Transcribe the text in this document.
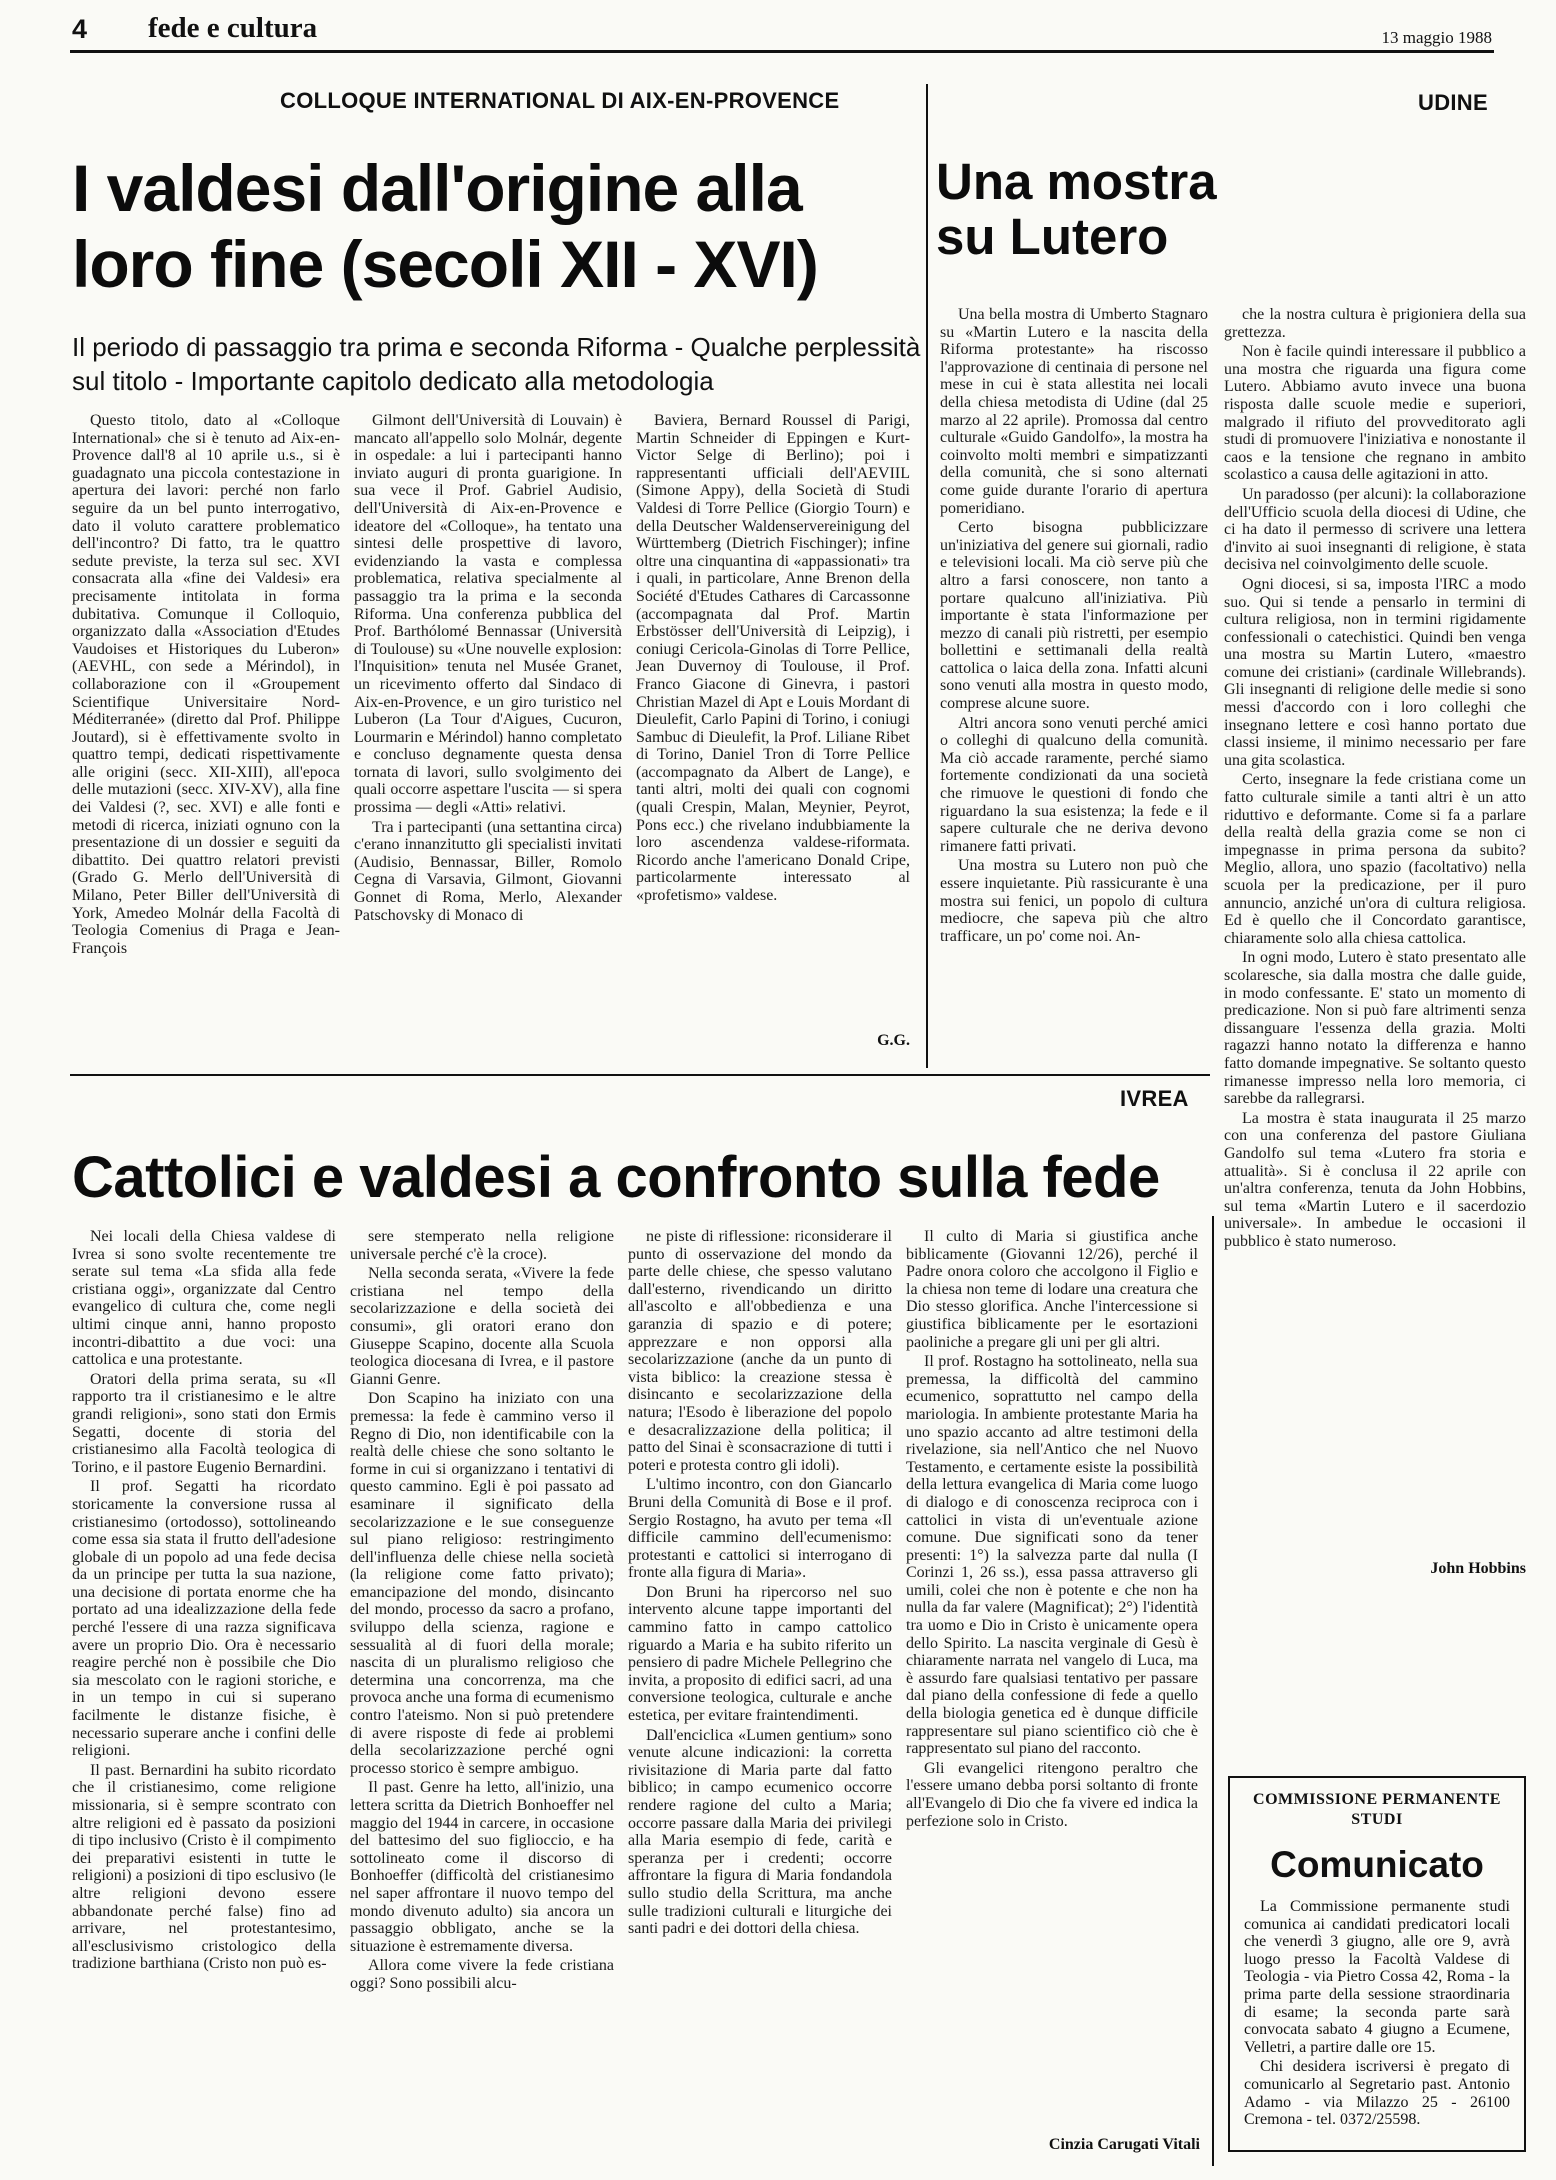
4 fede e cultura	13 maggio 1988
COLLOQUE INTERNATIONAL DI AIX-EN-PROVENCE	UDINE
I valdesi dall'origine alla loro fine (secoli XII - XVI)
Il periodo di passaggio tra prima e seconda Riforma - Qualche perplessità sul titolo - Importante capitolo dedicato alla metodologia

Questo titolo, dato al «Colloque International» che si è tenuto ad Aix-en-Provence dall'8 al 10 aprile u.s., si è guadagnato una piccola contestazione in apertura dei lavori: perché non farlo seguire da un bel punto interrogativo, dato il voluto carattere problematico dell'incontro? Di fatto, tra le quattro sedute previste, la terza sul sec. XVI consacrata alla «fine dei Valdesi» era precisamente intitolata in forma dubitativa. Comunque il Colloquio, organizzato dalla «Association d'Etudes Vaudoises et Historiques du Luberon» (AEVHL, con sede a Mérindol), in collaborazione con il «Groupement Scientifique Universitaire Nord-Méditerranée» (diretto dal Prof. Philippe Joutard), si è effettivamente svolto in quattro tempi, dedicati rispettivamente alle origini (secc. XII-XIII), all'epoca delle mutazioni (secc. XIV-XV), alla fine dei Valdesi (?, sec. XVI) e alle fonti e metodi di ricerca, iniziati ognuno con la presentazione di un dossier e seguiti da dibattito. Dei quattro relatori previsti (Grado G. Merlo dell'Università di Milano, Peter Biller dell'Università di York, Amedeo Molnár della Facoltà di Teologia Comenius di Praga e Jean-François

Gilmont dell'Università di Louvain) è mancato all'appello solo Molnár, degente in ospedale: a lui i partecipanti hanno inviato auguri di pronta guarigione. In sua vece il Prof. Gabriel Audisio, dell'Università di Aix-en-Provence e ideatore del «Colloque», ha tentato una sintesi delle prospettive di lavoro, evidenziando la vasta e complessa problematica, relativa specialmente al passaggio tra la prima e la seconda Riforma. Una conferenza pubblica del Prof. Barthólomé Bennassar (Università di Toulouse) su «Une nouvelle explosion: l'Inquisition» tenuta nel Musée Granet, un ricevimento offerto dal Sindaco di Aix-en-Provence, e un giro turistico nel Luberon (La Tour d'Aigues, Cucuron, Lourmarin e Mérindol) hanno completato e concluso degnamente questa densa tornata di lavori, sullo svolgimento dei quali occorre aspettare l'uscita — si spera prossima — degli «Atti» relativi.

Tra i partecipanti (una settantina circa) c'erano innanzitutto gli specialisti invitati (Audisio, Bennassar, Biller, Romolo Cegna di Varsavia, Gilmont, Giovanni Gonnet di Roma, Merlo, Alexander Patschovsky di Monaco di

Baviera, Bernard Roussel di Parigi, Martin Schneider di Eppingen e Kurt-Victor Selge di Berlino); poi i rappresentanti ufficiali dell'AEVIIL (Simone Appy), della Società di Studi Valdesi di Torre Pellice (Giorgio Tourn) e della Deutscher Waldenservereinigung del Württemberg (Dietrich Fischinger); infine oltre una cinquantina di «appassionati» tra i quali, in particolare, Anne Brenon della Société d'Etudes Cathares di Carcassonne (accompagnata dal Prof. Martin Erbstösser dell'Università di Leipzig), i coniugi Cericola-Ginolas di Torre Pellice, Jean Duvernoy di Toulouse, il Prof. Franco Giacone di Ginevra, i pastori Christian Mazel di Apt e Louis Mordant di Dieulefit, Carlo Papini di Torino, i coniugi Sambuc di Dieulefit, la Prof. Liliane Ribet di Torino, Daniel Tron di Torre Pellice (accompagnato da Albert de Lange), e tanti altri, molti dei quali con cognomi (quali Crespin, Malan, Meynier, Peyrot, Pons ecc.) che rivelano indubbiamente la loro ascendenza valdese-riformata. Ricordo anche l'americano Donald Cripe, particolarmente interessato al «profetismo» valdese.

G.G.
Una mostra su Lutero

Una bella mostra di Umberto Stagnaro su «Martin Lutero e la nascita della Riforma protestante» ha riscosso l'approvazione di centinaia di persone nel mese in cui è stata allestita nei locali della chiesa metodista di Udine (dal 25 marzo al 22 aprile). Promossa dal centro culturale «Guido Gandolfo», la mostra ha coinvolto molti membri e simpatizzanti della comunità, che si sono alternati come guide durante l'orario di apertura pomeridiano.

Certo bisogna pubblicizzare un'iniziativa del genere sui giornali, radio e televisioni locali. Ma ciò serve più che altro a farsi conoscere, non tanto a portare qualcuno all'iniziativa. Più importante è stata l'informazione per mezzo di canali più ristretti, per esempio bollettini e settimanali della realtà cattolica o laica della zona. Infatti alcuni sono venuti alla mostra in questo modo, comprese alcune suore.

Altri ancora sono venuti perché amici o colleghi di qualcuno della comunità. Ma ciò accade raramente, perché siamo fortemente condizionati da una società che rimuove le questioni di fondo che riguardano la sua esistenza; la fede e il sapere culturale che ne deriva devono rimanere fatti privati.

Una mostra su Lutero non può che essere inquietante. Più rassicurante è una mostra sui fenici, un popolo di cultura mediocre, che sapeva più che altro trafficare, un po' come noi. An-

che la nostra cultura è prigioniera della sua grettezza.

Non è facile quindi interessare il pubblico a una mostra che riguarda una figura come Lutero. Abbiamo avuto invece una buona risposta dalle scuole medie e superiori, malgrado il rifiuto del provveditorato agli studi di promuovere l'iniziativa e nonostante il caos e la tensione che regnano in ambito scolastico a causa delle agitazioni in atto.

Un paradosso (per alcuni): la collaborazione dell'Ufficio scuola della diocesi di Udine, che ci ha dato il permesso di scrivere una lettera d'invito ai suoi insegnanti di religione, è stata decisiva nel coinvolgimento delle scuole.

Ogni diocesi, si sa, imposta l'IRC a modo suo. Qui si tende a pensarlo in termini di cultura religiosa, non in termini rigidamente confessionali o catechistici. Quindi ben venga una mostra su Martin Lutero, «maestro comune dei cristiani» (cardinale Willebrands). Gli insegnanti di religione delle medie si sono messi d'accordo con i loro colleghi che insegnano lettere e così hanno portato due classi insieme, il minimo necessario per fare una gita scolastica.

Certo, insegnare la fede cristiana come un fatto culturale simile a tanti altri è un atto riduttivo e deformante. Come si fa a parlare della realtà della grazia come se non ci impegnasse in prima persona da subito? Meglio, allora, uno spazio (facoltativo) nella scuola per la predicazione, per il puro annuncio, anziché un'ora di cultura religiosa. Ed è quello che il Concordato garantisce, chiaramente solo alla chiesa cattolica.

In ogni modo, Lutero è stato presentato alle scolaresche, sia dalla mostra che dalle guide, in modo confessante. E' stato un momento di predicazione. Non si può fare altrimenti senza dissanguare l'essenza della grazia. Molti ragazzi hanno notato la differenza e hanno fatto domande impegnative. Se soltanto questo rimanesse impresso nella loro memoria, ci sarebbe da rallegrarsi.

La mostra è stata inaugurata il 25 marzo con una conferenza del pastore Giuliana Gandolfo sul tema «Lutero fra storia e attualità». Si è conclusa il 22 aprile con un'altra conferenza, tenuta da John Hobbins, sul tema «Martin Lutero e il sacerdozio universale». In ambedue le occasioni il pubblico è stato numeroso.

John Hobbins
IVREA
Cattolici e valdesi a confronto sulla fede

Nei locali della Chiesa valdese di Ivrea si sono svolte recentemente tre serate sul tema «La sfida alla fede cristiana oggi», organizzate dal Centro evangelico di cultura che, come negli ultimi cinque anni, hanno proposto incontri-dibattito a due voci: una cattolica e una protestante.

Oratori della prima serata, su «Il rapporto tra il cristianesimo e le altre grandi religioni», sono stati don Ermis Segatti, docente di storia del cristianesimo alla Facoltà teologica di Torino, e il pastore Eugenio Bernardini.

Il prof. Segatti ha ricordato storicamente la conversione russa al cristianesimo (ortodosso), sottolineando come essa sia stata il frutto dell'adesione globale di un popolo ad una fede decisa da un principe per tutta la sua nazione, una decisione di portata enorme che ha portato ad una idealizzazione della fede perché l'essere di una razza significava avere un proprio Dio. Ora è necessario reagire perché non è possibile che Dio sia mescolato con le ragioni storiche, e in un tempo in cui si superano facilmente le distanze fisiche, è necessario superare anche i confini delle religioni.

Il past. Bernardini ha subito ricordato che il cristianesimo, come religione missionaria, si è sempre scontrato con altre religioni ed è passato da posizioni di tipo inclusivo (Cristo è il compimento dei preparativi esistenti in tutte le religioni) a posizioni di tipo esclusivo (le altre religioni devono essere abbandonate perché false) fino ad arrivare, nel protestantesimo, all'esclusivismo cristologico della tradizione barthiana (Cristo non può es-

sere stemperato nella religione universale perché c'è la croce).

Nella seconda serata, «Vivere la fede cristiana nel tempo della secolarizzazione e della società dei consumi», gli oratori erano don Giuseppe Scapino, docente alla Scuola teologica diocesana di Ivrea, e il pastore Gianni Genre.

Don Scapino ha iniziato con una premessa: la fede è cammino verso il Regno di Dio, non identificabile con la realtà delle chiese che sono soltanto le forme in cui si organizzano i tentativi di questo cammino. Egli è poi passato ad esaminare il significato della secolarizzazione e le sue conseguenze sul piano religioso: restringimento dell'influenza delle chiese nella società (la religione come fatto privato); emancipazione del mondo, disincanto del mondo, processo da sacro a profano, sviluppo della scienza, ragione e sessualità al di fuori della morale; nascita di un pluralismo religioso che determina una concorrenza, ma che provoca anche una forma di ecumenismo contro l'ateismo. Non si può pretendere di avere risposte di fede ai problemi della secolarizzazione perché ogni processo storico è sempre ambiguo.

Il past. Genre ha letto, all'inizio, una lettera scritta da Dietrich Bonhoeffer nel maggio del 1944 in carcere, in occasione del battesimo del suo figlioccio, e ha sottolineato come il discorso di Bonhoeffer (difficoltà del cristianesimo nel saper affrontare il nuovo tempo del mondo divenuto adulto) sia ancora un passaggio obbligato, anche se la situazione è estremamente diversa.

Allora come vivere la fede cristiana oggi? Sono possibili alcu-

ne piste di riflessione: riconsiderare il punto di osservazione del mondo da parte delle chiese, che spesso valutano dall'esterno, rivendicando un diritto all'ascolto e all'obbedienza e una garanzia di spazio e di potere; apprezzare e non opporsi alla secolarizzazione (anche da un punto di vista biblico: la creazione stessa è disincanto e secolarizzazione della natura; l'Esodo è liberazione del popolo e desacralizzazione della politica; il patto del Sinai è sconsacrazione di tutti i poteri e protesta contro gli idoli).

L'ultimo incontro, con don Giancarlo Bruni della Comunità di Bose e il prof. Sergio Rostagno, ha avuto per tema «Il difficile cammino dell'ecumenismo: protestanti e cattolici si interrogano di fronte alla figura di Maria».

Don Bruni ha ripercorso nel suo intervento alcune tappe importanti del cammino fatto in campo cattolico riguardo a Maria e ha subito riferito un pensiero di padre Michele Pellegrino che invita, a proposito di edifici sacri, ad una conversione teologica, culturale e anche estetica, per evitare fraintendimenti.

Dall'enciclica «Lumen gentium» sono venute alcune indicazioni: la corretta rivisitazione di Maria parte dal fatto biblico; in campo ecumenico occorre rendere ragione del culto a Maria; occorre passare dalla Maria dei privilegi alla Maria esempio di fede, carità e speranza per i credenti; occorre affrontare la figura di Maria fondandola sullo studio della Scrittura, ma anche sulle tradizioni culturali e liturgiche dei santi padri e dei dottori della chiesa.

Il culto di Maria si giustifica anche biblicamente (Giovanni 12/26), perché il Padre onora coloro che accolgono il Figlio e la chiesa non teme di lodare una creatura che Dio stesso glorifica. Anche l'intercessione si giustifica biblicamente per le esortazioni paoliniche a pregare gli uni per gli altri.

Il prof. Rostagno ha sottolineato, nella sua premessa, la difficoltà del cammino ecumenico, soprattutto nel campo della mariologia. In ambiente protestante Maria ha uno spazio accanto ad altre testimoni della rivelazione, sia nell'Antico che nel Nuovo Testamento, e certamente esiste la possibilità della lettura evangelica di Maria come luogo di dialogo e di conoscenza reciproca con i cattolici in vista di un'eventuale azione comune. Due significati sono da tener presenti: 1°) la salvezza parte dal nulla (I Corinzi 1, 26 ss.), essa passa attraverso gli umili, colei che non è potente e che non ha nulla da far valere (Magnificat); 2°) l'identità tra uomo e Dio in Cristo è unicamente opera dello Spirito. La nascita verginale di Gesù è chiaramente narrata nel vangelo di Luca, ma è assurdo fare qualsiasi tentativo per passare dal piano della confessione di fede a quello della biologia genetica ed è dunque difficile rappresentare sul piano scientifico ciò che è rappresentato sul piano del racconto.

Gli evangelici ritengono peraltro che l'essere umano debba porsi soltanto di fronte all'Evangelo di Dio che fa vivere ed indica la perfezione solo in Cristo.

Cinzia Carugati Vitali
COMMISSIONE PERMANENTE STUDI
Comunicato

La Commissione permanente studi comunica ai candidati predicatori locali che venerdì 3 giugno, alle ore 9, avrà luogo presso la Facoltà Valdese di Teologia - via Pietro Cossa 42, Roma - la prima parte della sessione straordinaria di esame; la seconda parte sarà convocata sabato 4 giugno a Ecumene, Velletri, a partire dalle ore 15.

Chi desidera iscriversi è pregato di comunicarlo al Segretario past. Antonio Adamo - via Milazzo 25 - 26100 Cremona - tel. 0372/25598.
